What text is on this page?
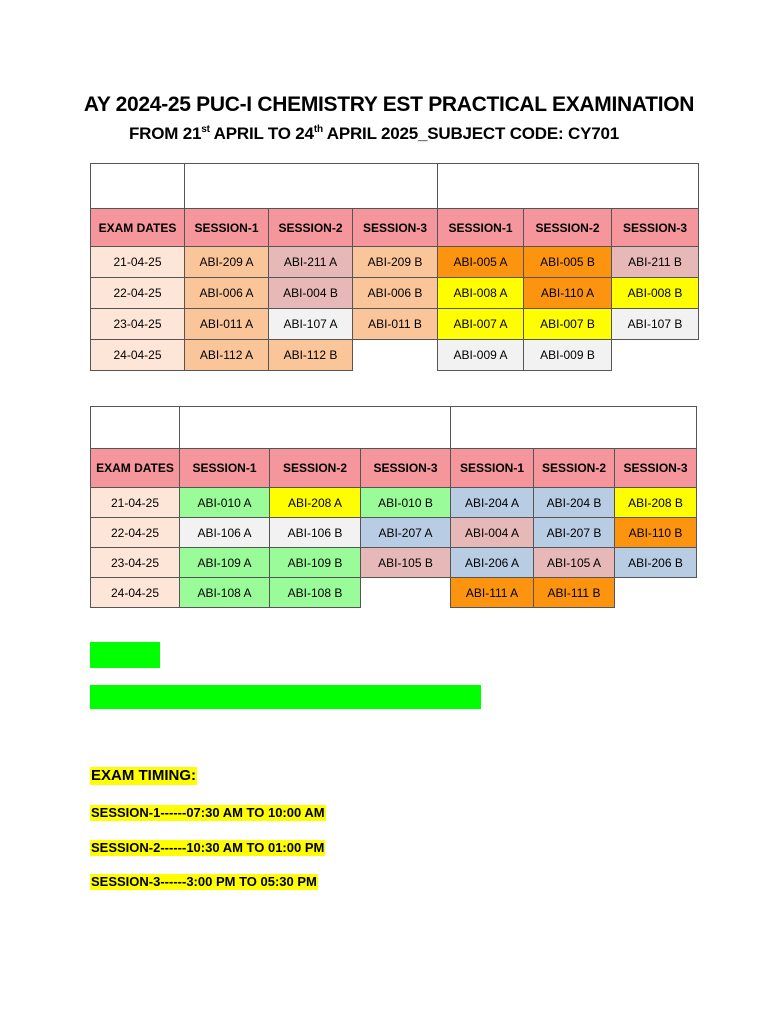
AY 2024-25 PUC-I CHEMISTRY EST PRACTICAL EXAMINATION
FROM 21st APRIL TO 24th APRIL 2025_SUBJECT CODE: CY701

EXAM DATES	SESSION-1	SESSION-2	SESSION-3	SESSION-1	SESSION-2	SESSION-3
21-04-25	ABI-209 A	ABI-211 A	ABI-209 B	ABI-005 A	ABI-005 B	ABI-211 B
22-04-25	ABI-006 A	ABI-004 B	ABI-006 B	ABI-008 A	ABI-110 A	ABI-008 B
23-04-25	ABI-011 A	ABI-107 A	ABI-011 B	ABI-007 A	ABI-007 B	ABI-107 B
24-04-25	ABI-112 A	ABI-112 B		ABI-009 A	ABI-009 B	

EXAM DATES	SESSION-1	SESSION-2	SESSION-3	SESSION-1	SESSION-2	SESSION-3
21-04-25	ABI-010 A	ABI-208 A	ABI-010 B	ABI-204 A	ABI-204 B	ABI-208 B
22-04-25	ABI-106 A	ABI-106 B	ABI-207 A	ABI-004 A	ABI-207 B	ABI-110 B
23-04-25	ABI-109 A	ABI-109 B	ABI-105 B	ABI-206 A	ABI-105 A	ABI-206 B
24-04-25	ABI-108 A	ABI-108 B		ABI-111 A	ABI-111 B	
EXAM TIMING:
SESSION-1------07:30 AM TO 10:00 AM
SESSION-2------10:30 AM TO 01:00 PM
SESSION-3------3:00 PM TO 05:30 PM
